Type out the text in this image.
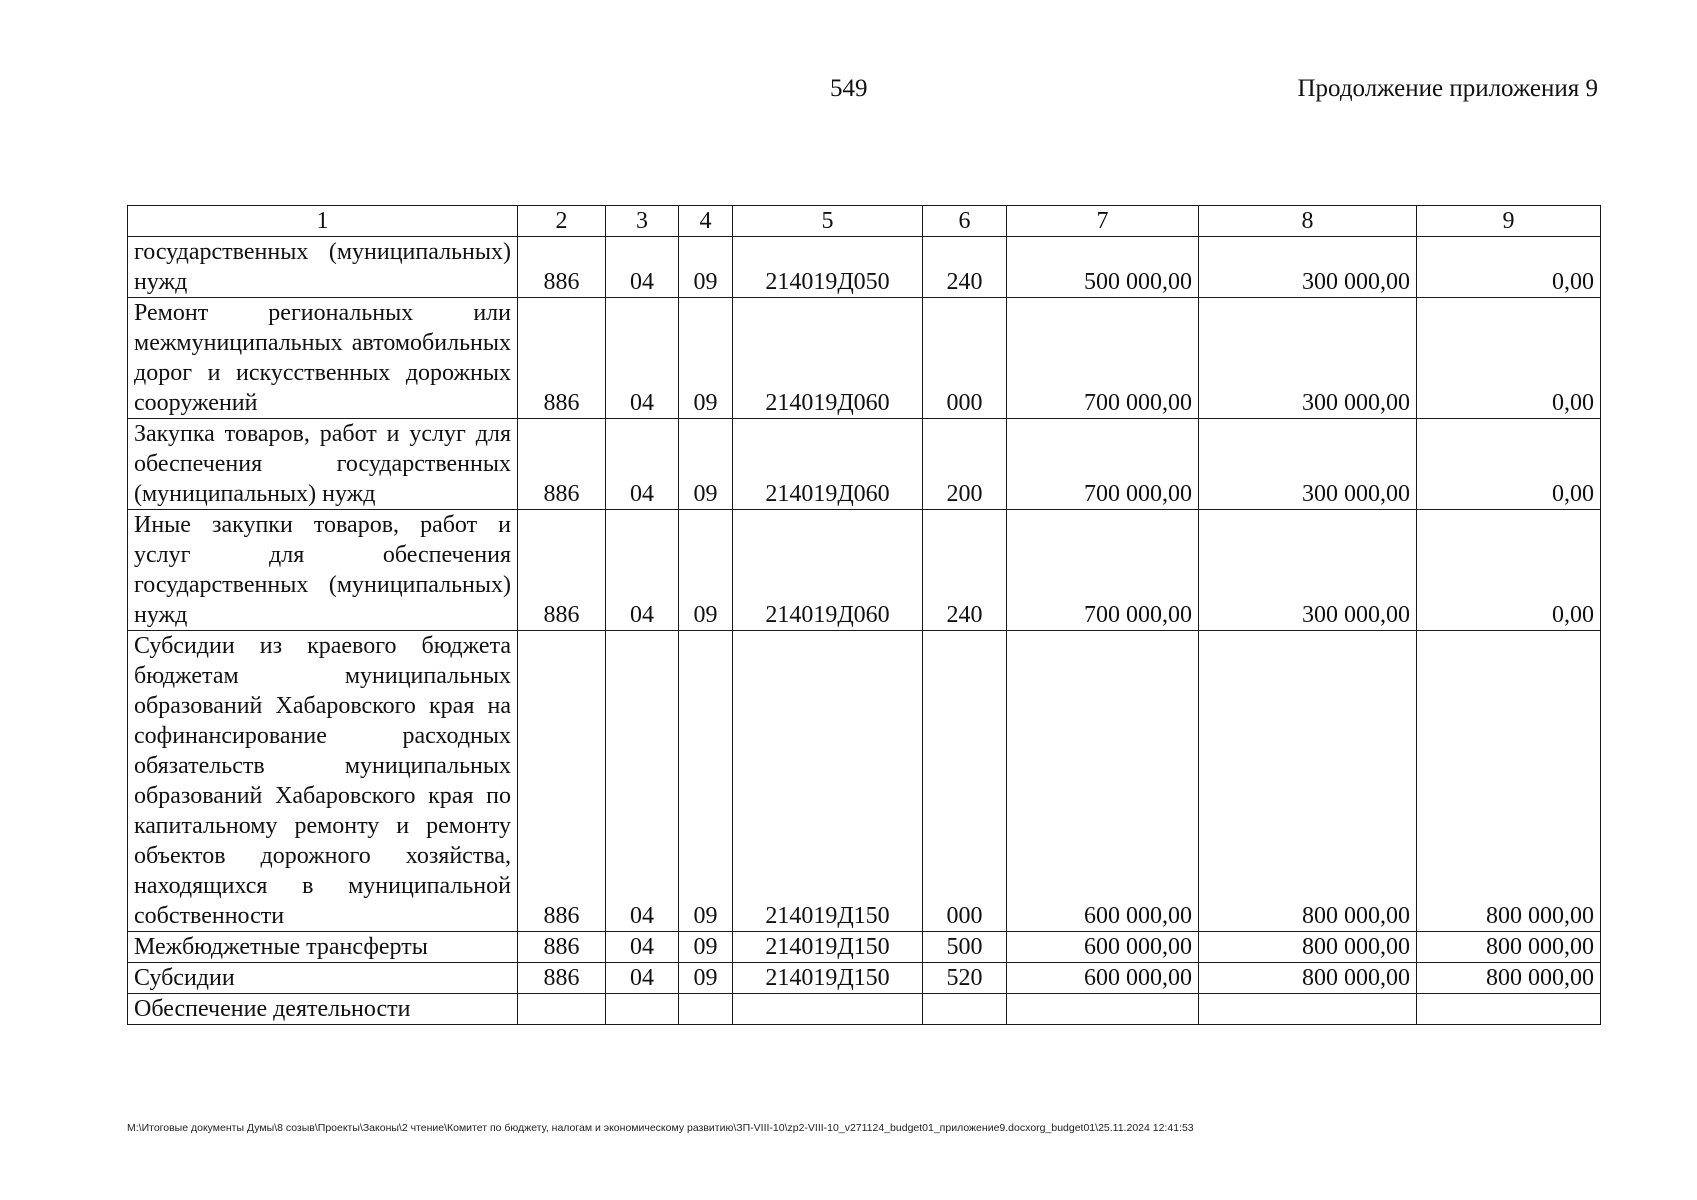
549	Продолжение приложения 9
1	2	3	4	5	6	7	8	9
государственных (муниципальных) нужд	886	04	09	214019Д050	240	500 000,00	300 000,00	0,00
Ремонт региональных или межмуниципальных автомобильных дорог и искусственных дорожных сооружений	886	04	09	214019Д060	000	700 000,00	300 000,00	0,00
Закупка товаров, работ и услуг для обеспечения государственных (муниципальных) нужд	886	04	09	214019Д060	200	700 000,00	300 000,00	0,00
Иные закупки товаров, работ и услуг для обеспечения государственных (муниципальных) нужд	886	04	09	214019Д060	240	700 000,00	300 000,00	0,00
Субсидии из краевого бюджета бюджетам муниципальных образований Хабаровского края на софинансирование расходных обязательств муниципальных образований Хабаровского края по капитальному ремонту и ремонту объектов дорожного хозяйства, находящихся в муниципальной собственности	886	04	09	214019Д150	000	600 000,00	800 000,00	800 000,00
Межбюджетные трансферты	886	04	09	214019Д150	500	600 000,00	800 000,00	800 000,00
Субсидии	886	04	09	214019Д150	520	600 000,00	800 000,00	800 000,00
Обеспечение деятельности								
M:\Итоговые документы Думы\8 созыв\Проекты\Законы\2 чтение\Комитет по бюджету, налогам и экономическому развитию\ЗП-VIII-10\zp2-VIII-10_v271124_budget01_приложение9.docxorg_budget01\25.11.2024 12:41:53
